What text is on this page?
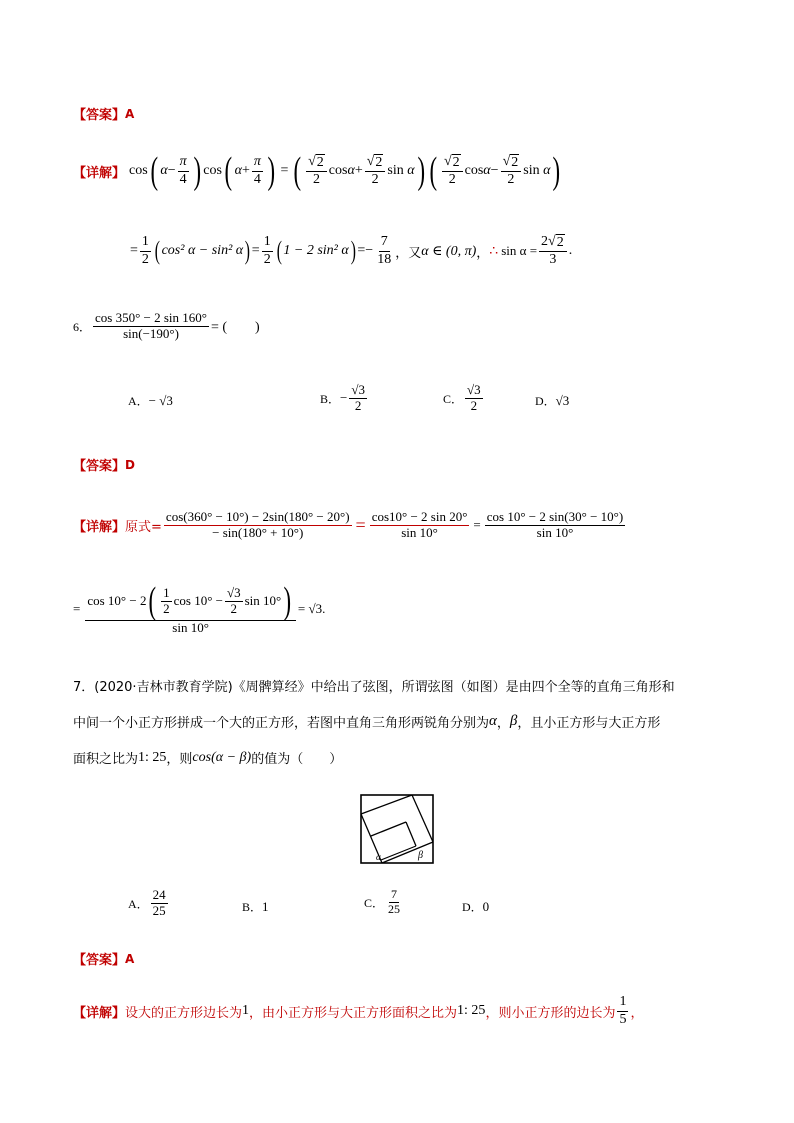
【答案】 A
【详解】 cos ( $\alpha - \frac{\pi}{4}$ ) cos ( $\alpha + \frac{\pi}{4}$ ) = ( $\frac{√ 2}{2}$ $\cos \alpha + \frac{√ 2}{2}$ sin
α ) ( $\frac{√ 2}{2}$ $\cos \alpha - \frac{√ 2}{2}$ sin
α )
= $\frac{1}{2}$ ( cos² α − sin² α ) = $\frac{1}{2}$ ( 1 − 2 sin² α ) = − $\frac{7}{18}$ ，又 α ∈ (0, π) ， ∴ $\sin \alpha = \frac{2√ 2}{3}$ .
6． $\frac{\cos 350^\circ - 2 \sin 160^\circ}{\sin(-190^\circ)}$ = (　　)
A． − √3	B． − $\frac{√3}{2}$	C． $\frac{√3}{2}$	D． √3
【答案】 D
【详解】 原式= $\frac{\cos(360^\circ - 10^\circ) - 2\sin(180^\circ - 20^\circ)}{- \sin(180^\circ + 10^\circ)} = \frac{\cos 10^\circ - 2 \sin 20^\circ}{\sin 10^\circ} = \frac{\cos 10^\circ - 2 \sin(30^\circ - 10^\circ)}{\sin 10^\circ}$
=
cos 10° − 2 ( $\frac{1}{2}$ $\cos 10^\circ - \frac{√3}{2}$ sin 10° )
sin 10°
= √3.
7． (2020·吉林市教育学院)《周髀算经》中给出了弦图，所谓弦图（如图）是由四个全等的直角三角形和
中间一个小正方形拼成一个大的正方形，若图中直角三角形两锐角分别为 α ， β ，且小正方形与大正方形
面积之比为 1: 25 ，则 cos(α − β) 的值为（　　）
α	β
A． $\frac{24}{25}$	B． 1	C． $\frac{7}{25}$	D． 0
【答案】 A
【详解】 设大的正方形边长为 1 ，由小正方形与大正方形面积之比为 1: 25 ，则小正方形的边长为 $\frac{1}{5}$ ，
